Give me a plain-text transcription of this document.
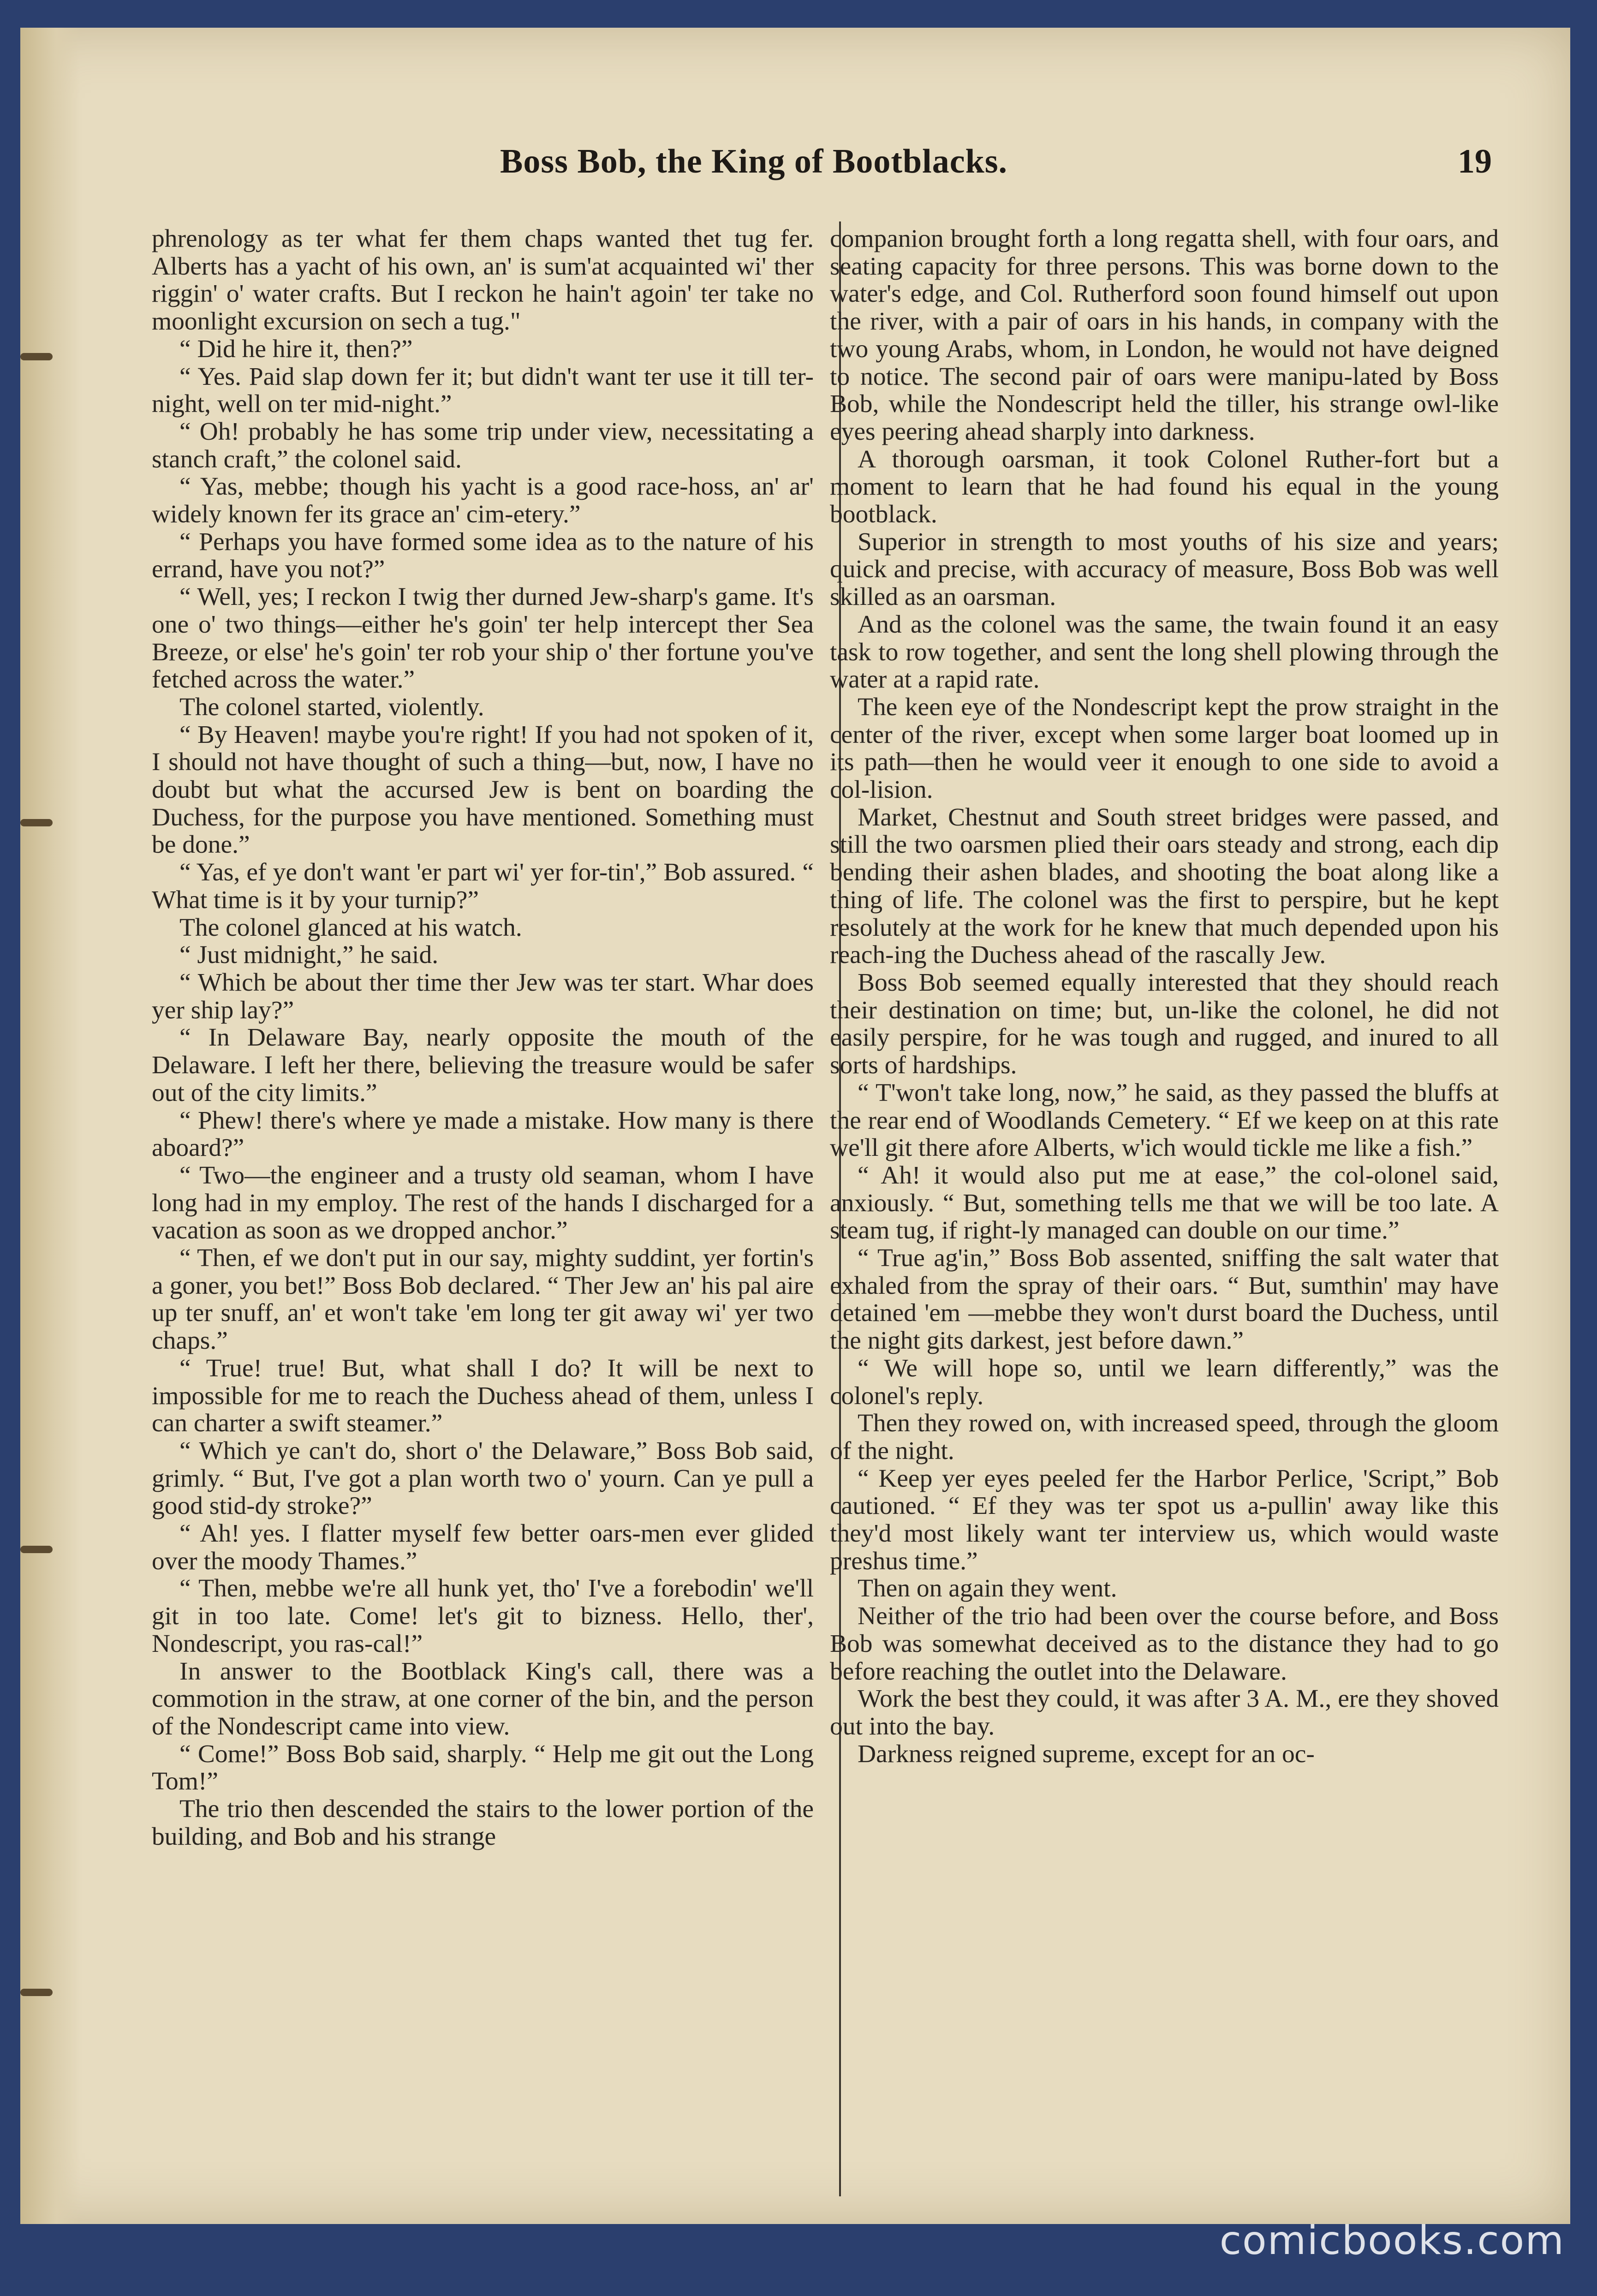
Boss Bob, the King of Bootblacks.	19

phrenology as ter what fer them chaps wanted thet tug fer. Alberts has a yacht of his own, an' is sum'at acquainted wi' ther riggin' o' water crafts. But I reckon he hain't agoin' ter take no moonlight excursion on sech a tug."

“ Did he hire it, then?”

“ Yes. Paid slap down fer it; but didn't want ter use it till ter-night, well on ter mid-night.”

“ Oh! probably he has some trip under view, necessitating a stanch craft,” the colonel said.

“ Yas, mebbe; though his yacht is a good race-hoss, an' ar' widely known fer its grace an' cim-etery.”

“ Perhaps you have formed some idea as to the nature of his errand, have you not?”

“ Well, yes; I reckon I twig ther durned Jew-sharp's game. It's one o' two things—either he's goin' ter help intercept ther Sea Breeze, or else' he's goin' ter rob your ship o' ther fortune you've fetched across the water.”

The colonel started, violently.

“ By Heaven! maybe you're right! If you had not spoken of it, I should not have thought of such a thing—but, now, I have no doubt but what the accursed Jew is bent on boarding the Duchess, for the purpose you have mentioned. Something must be done.”

“ Yas, ef ye don't want 'er part wi' yer for-tin',” Bob assured. “ What time is it by your turnip?”

The colonel glanced at his watch.

“ Just midnight,” he said.

“ Which be about ther time ther Jew was ter start. Whar does yer ship lay?”

“ In Delaware Bay, nearly opposite the mouth of the Delaware. I left her there, believing the treasure would be safer out of the city limits.”

“ Phew! there's where ye made a mistake. How many is there aboard?”

“ Two—the engineer and a trusty old seaman, whom I have long had in my employ. The rest of the hands I discharged for a vacation as soon as we dropped anchor.”

“ Then, ef we don't put in our say, mighty suddint, yer fortin's a goner, you bet!” Boss Bob declared. “ Ther Jew an' his pal aire up ter snuff, an' et won't take 'em long ter git away wi' yer two chaps.”

“ True! true! But, what shall I do? It will be next to impossible for me to reach the Duchess ahead of them, unless I can charter a swift steamer.”

“ Which ye can't do, short o' the Delaware,” Boss Bob said, grimly. “ But, I've got a plan worth two o' yourn. Can ye pull a good stid-dy stroke?”

“ Ah! yes. I flatter myself few better oars-men ever glided over the moody Thames.”

“ Then, mebbe we're all hunk yet, tho' I've a forebodin' we'll git in too late. Come! let's git to bizness. Hello, ther', Nondescript, you ras-cal!”

In answer to the Bootblack King's call, there was a commotion in the straw, at one corner of the bin, and the person of the Nondescript came into view.

“ Come!” Boss Bob said, sharply. “ Help me git out the Long Tom!”

The trio then descended the stairs to the lower portion of the building, and Bob and his strange

companion brought forth a long regatta shell, with four oars, and seating capacity for three persons. This was borne down to the water's edge, and Col. Rutherford soon found himself out upon the river, with a pair of oars in his hands, in company with the two young Arabs, whom, in London, he would not have deigned to notice. The second pair of oars were manipu-lated by Boss Bob, while the Nondescript held the tiller, his strange owl-like eyes peering ahead sharply into darkness.

A thorough oarsman, it took Colonel Ruther-fort but a moment to learn that he had found his equal in the young bootblack.

Superior in strength to most youths of his size and years; quick and precise, with accuracy of measure, Boss Bob was well skilled as an oarsman.

And as the colonel was the same, the twain found it an easy task to row together, and sent the long shell plowing through the water at a rapid rate.

The keen eye of the Nondescript kept the prow straight in the center of the river, except when some larger boat loomed up in its path—then he would veer it enough to one side to avoid a col-lision.

Market, Chestnut and South street bridges were passed, and still the two oarsmen plied their oars steady and strong, each dip bending their ashen blades, and shooting the boat along like a thing of life. The colonel was the first to perspire, but he kept resolutely at the work for he knew that much depended upon his reach-ing the Duchess ahead of the rascally Jew.

Boss Bob seemed equally interested that they should reach their destination on time; but, un-like the colonel, he did not easily perspire, for he was tough and rugged, and inured to all sorts of hardships.

“ T'won't take long, now,” he said, as they passed the bluffs at the rear end of Woodlands Cemetery. “ Ef we keep on at this rate we'll git there afore Alberts, w'ich would tickle me like a fish.”

“ Ah! it would also put me at ease,” the col-olonel said, anxiously. “ But, something tells me that we will be too late. A steam tug, if right-ly managed can double on our time.”

“ True ag'in,” Boss Bob assented, sniffing the salt water that exhaled from the spray of their oars. “ But, sumthin' may have detained 'em —mebbe they won't durst board the Duchess, until the night gits darkest, jest before dawn.”

“ We will hope so, until we learn differently,” was the colonel's reply.

Then they rowed on, with increased speed, through the gloom of the night.

“ Keep yer eyes peeled fer the Harbor Perlice, 'Script,” Bob cautioned. “ Ef they was ter spot us a-pullin' away like this they'd most likely want ter interview us, which would waste preshus time.”

Then on again they went.

Neither of the trio had been over the course before, and Boss Bob was somewhat deceived as to the distance they had to go before reaching the outlet into the Delaware.

Work the best they could, it was after 3 A. M., ere they shoved out into the bay.

Darkness reigned supreme, except for an oc-

comicbooks.com
